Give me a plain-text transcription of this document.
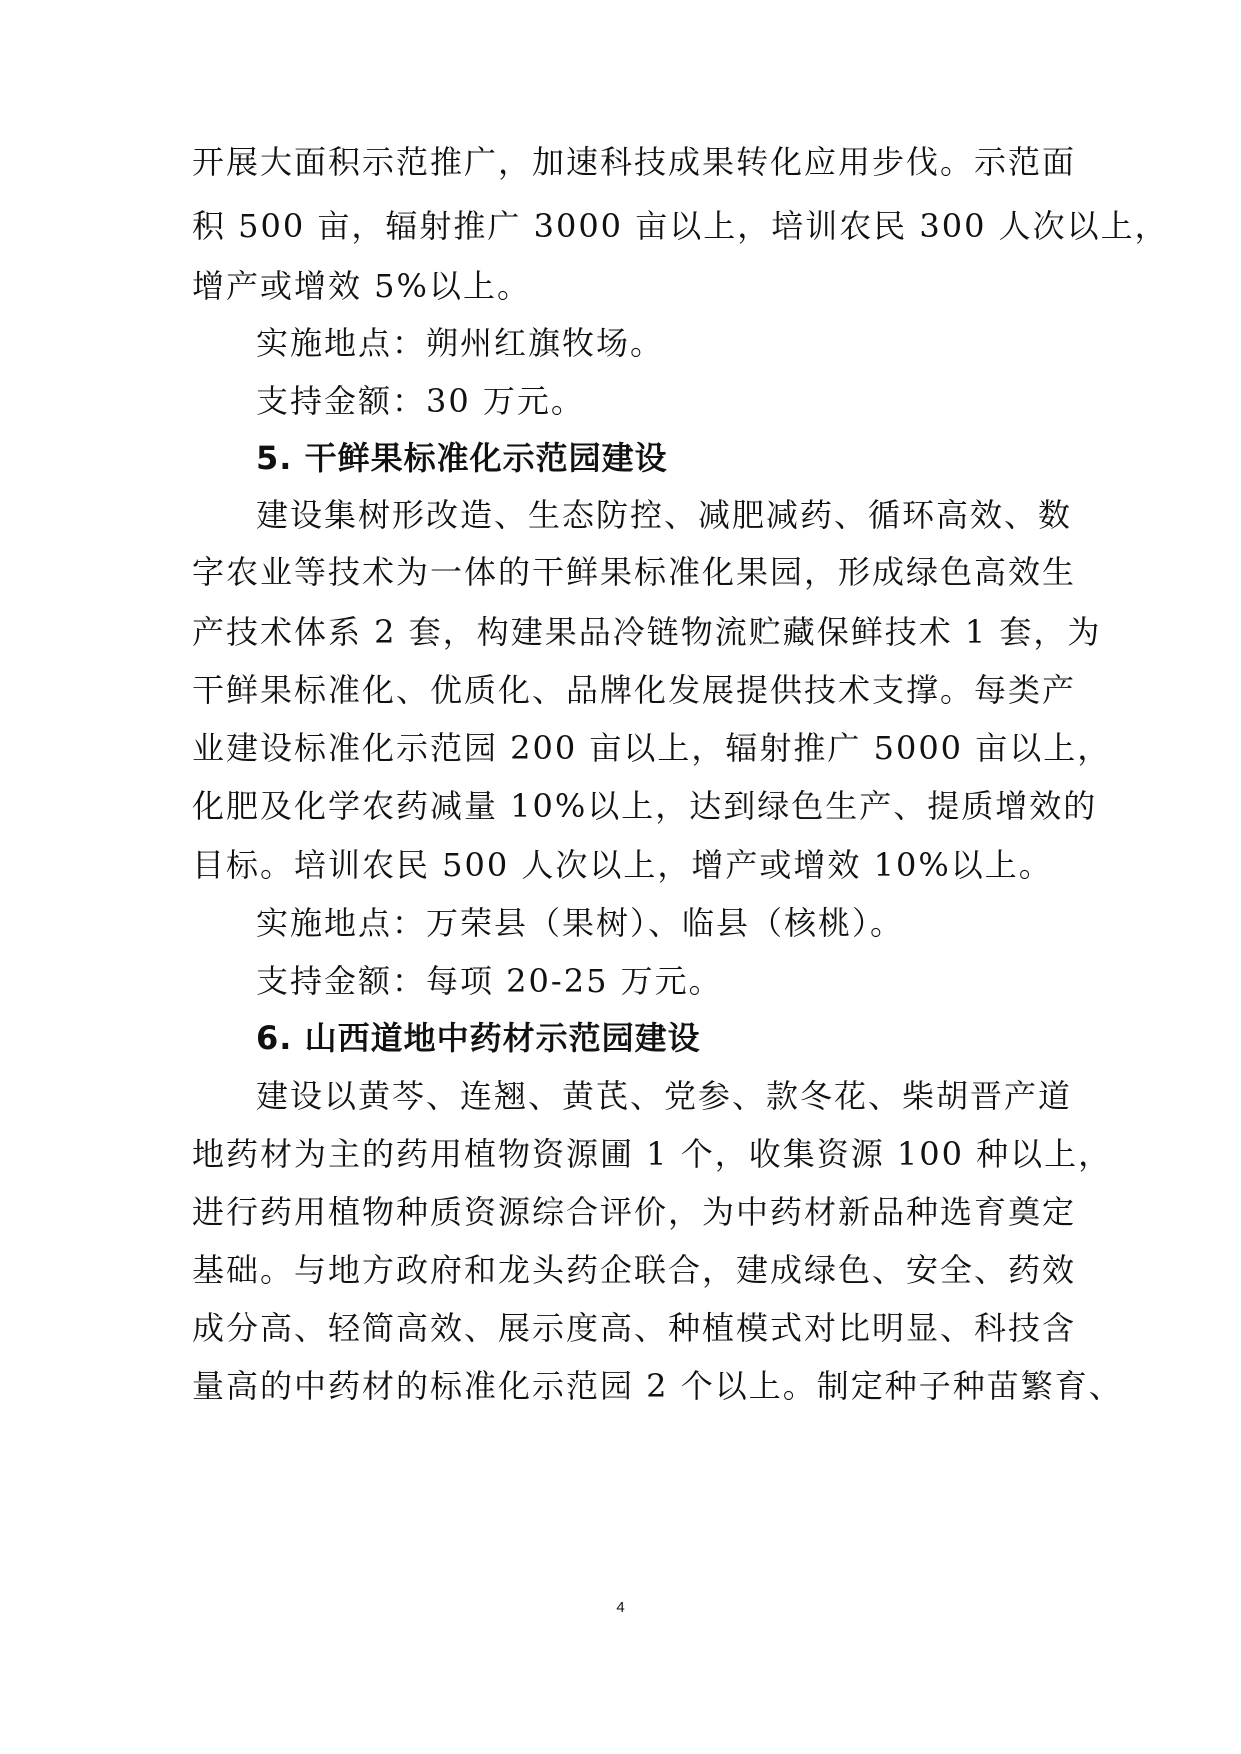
开展大面积示范推广，加速科技成果转化应用步伐。示范面
积 500 亩，辐射推广 3000 亩以上，培训农民 300 人次以上，
增产或增效 5%以上。
实施地点：朔州红旗牧场。
支持金额：30 万元。
5. 干鲜果标准化示范园建设
建设集树形改造、生态防控、减肥减药、循环高效、数
字农业等技术为一体的干鲜果标准化果园，形成绿色高效生
产技术体系 2 套，构建果品冷链物流贮藏保鲜技术 1 套，为
干鲜果标准化、优质化、品牌化发展提供技术支撑。每类产
业建设标准化示范园 200 亩以上，辐射推广 5000 亩以上，
化肥及化学农药减量 10%以上，达到绿色生产、提质增效的
目标。培训农民 500 人次以上，增产或增效 10%以上。
实施地点：万荣县（果树）、临县（核桃）。
支持金额：每项 20-25 万元。
6. 山西道地中药材示范园建设
建设以黄芩、连翘、黄芪、党参、款冬花、柴胡晋产道
地药材为主的药用植物资源圃 1 个，收集资源 100 种以上，
进行药用植物种质资源综合评价，为中药材新品种选育奠定
基础。与地方政府和龙头药企联合，建成绿色、安全、药效
成分高、轻简高效、展示度高、种植模式对比明显、科技含
量高的中药材的标准化示范园 2 个以上。制定种子种苗繁育、
4
